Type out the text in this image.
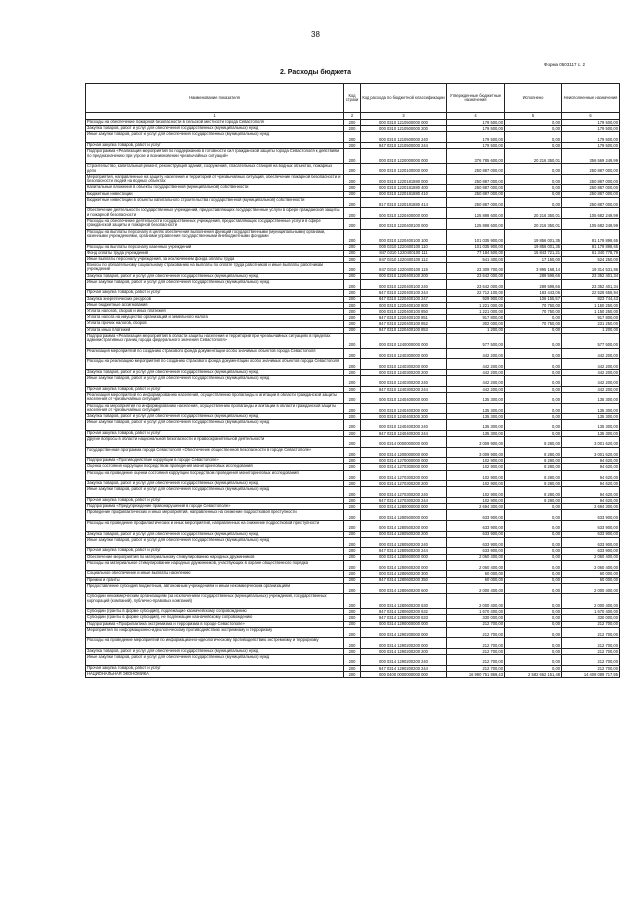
38
Форма 0503117 с. 2
2. Расходы бюджета
Наименование показателя	Код строки	Код расхода по бюджетной классификации	Утвержденные бюджетные назначения	Исполнено	Неисполненные назначения
1	2	3	4	5	6
Расходы на обеспечение пожарной безопасности в сельской местности города Севастополя	200	000 0310 1210500000 000	179 500,00	0,00	179 500,00
Закупка товаров, работ и услуг для обеспечения государственных (муниципальных) нужд	200	000 0310 1210500000 200	179 500,00	0,00	179 500,00
Иные закупки товаров, работ и услуг для обеспечения государственных (муниципальных) нужд	200	000 0310 1210500000 240	179 500,00	0,00	179 500,00
Прочая закупка товаров, работ и услуг	200	847 0310 1210500000 244	179 500,00	0,00	179 500,00
Подпрограмма «Реализация мероприятий по поддержанию в готовности сил гражданской защиты города Севастополя к действиям по предназначению при угрозе и возникновении чрезвычайных ситуаций»	200	000 0310 1220000000 000	376 785 600,00	20 216 350,01	356 569 249,99
Строительство, капитальный ремонт, реконструкция зданий, сооружений, спасательных станций на водных объектах, пожарных депо	200	000 0310 1220100000 000	250 887 000,00	0,00	250 887 000,00
Мероприятия, направленные на защиту населения и территорий от чрезвычайных ситуаций, обеспечение пожарной безопасности и безопасности людей на водных объектах	200	000 0310 1220181880 000	250 887 000,00	0,00	250 887 000,00
Капитальные вложения в объекты государственной (муниципальной) собственности	200	000 0310 1220181880 400	250 887 000,00	0,00	250 887 000,00
Бюджетные инвестиции	200	000 0310 1220181880 410	250 887 000,00	0,00	250 887 000,00
Бюджетные инвестиции в объекты капитального строительства государственной (муниципальной) собственности	200	817 0310 1220181880 414	250 887 000,00	0,00	250 887 000,00
Обеспечение деятельности государственных учреждений, предоставляющих государственные услуги в сфере гражданской защиты и пожарной безопасности	200	000 0310 1220400000 000	125 898 600,00	20 216 350,01	105 682 249,99
Расходы на обеспечение деятельности государственных учреждений, предоставляющих государственные услуги в сфере гражданской защиты и пожарной безопасности	200	000 0310 1220400100 000	125 898 600,00	20 216 350,01	105 682 249,99
Расходы на выплаты персоналу в целях обеспечения выполнения функций государственными (муниципальными) органами, казенными учреждениями, органами управления государственными внебюджетными фондами	200	000 0310 1220400100 100	101 035 900,00	19 856 001,35	81 179 898,65
Расходы на выплаты персоналу казенных учреждений	200	000 0310 1220400100 110	101 035 900,00	19 856 001,35	81 179 898,65
Фонд оплаты труда учреждений	200	847 0310 1220400100 111	77 184 500,00	15 843 721,21	61 340 778,79
Иные выплаты персоналу учреждений, за исключением фонда оплаты труда	200	847 0310 1220400100 112	541 400,00	17 150,00	524 250,00
Взносы по обязательному социальному страхованию на выплаты по оплате труда работников и иные выплаты работникам учреждений	200	847 0310 1220400100 119	23 309 700,00	3 995 168,14	19 314 531,86
Закупка товаров, работ и услуг для обеспечения государственных (муниципальных) нужд	200	000 0310 1220400100 200	23 642 000,00	289 598,66	23 352 401,34
Иные закупки товаров, работ и услуг для обеспечения государственных (муниципальных) нужд	200	000 0310 1220400100 240	23 642 000,00	289 598,66	23 352 401,34
Прочая закупка товаров, работ и услуг	200	847 0310 1220400100 244	22 712 100,00	183 443,06	22 528 656,94
Закупка энергетических ресурсов	200	847 0310 1220400100 247	929 900,00	106 155,57	823 744,43
Иные бюджетные ассигнования	200	000 0310 1220400100 800	1 221 000,00	70 750,00	1 150 250,00
Уплата налогов, сборов и иных платежей	200	000 0310 1220400100 850	1 221 000,00	70 750,00	1 150 250,00
Уплата налога на имущество организаций и земельного налога	200	847 0310 1220400100 851	917 800,00	0,00	917 800,00
Уплата прочих налогов, сборов	200	847 0310 1220400100 852	302 000,00	70 750,00	231 250,00
Уплата иных платежей	200	847 0310 1220400100 853	1 200,00	0,00	1 200,00
Подпрограмма «Реализация мероприятий в области защиты населения и территорий при чрезвычайных ситуациях в пределах административных границ города федерального значения Севастополя»	200	000 0310 1240000000 000	577 500,00	0,00	577 500,00
Реализация мероприятий по созданию страхового фонда документации особо значимых объектов города Севастополя	200	000 0310 1240300000 000	442 200,00	0,00	442 200,00
Расходы на реализацию мероприятий по созданию страхового фонда документации особо значимых объектов города Севастополя	200	000 0310 1240300200 000	442 200,00	0,00	442 200,00
Закупка товаров, работ и услуг для обеспечения государственных (муниципальных) нужд	200	000 0310 1240300200 200	442 200,00	0,00	442 200,00
Иные закупки товаров, работ и услуг для обеспечения государственных (муниципальных) нужд	200	000 0310 1240300200 240	442 200,00	0,00	442 200,00
Прочая закупка товаров, работ и услуг	200	847 0310 1240300200 244	442 200,00	0,00	442 200,00
Реализация мероприятий по информированию населения, осуществлению пропаганды и агитации в области гражданской защиты населения от чрезвычайных ситуаций	200	000 0310 1240400000 000	135 300,00	0,00	135 300,00
Расходы на мероприятия по информированию населения, осуществлению пропаганды и агитации в области гражданской защиты населения от чрезвычайных ситуаций	200	000 0310 1240400300 000	135 300,00	0,00	135 300,00
Закупка товаров, работ и услуг для обеспечения государственных (муниципальных) нужд	200	000 0310 1240400300 200	135 300,00	0,00	135 300,00
Иные закупки товаров, работ и услуг для обеспечения государственных (муниципальных) нужд	200	000 0310 1240400300 240	135 300,00	0,00	135 300,00
Прочая закупка товаров, работ и услуг	200	847 0310 1240400300 244	135 300,00	0,00	135 300,00
Другие вопросы в области национальной безопасности и правоохранительной деятельности	200	000 0314 0000000000 000	3 009 900,00	8 280,00	3 001 620,00
Государственная программа города Севастополя «Обеспечение общественной безопасности в городе Севастополе»	200	000 0314 1200000000 000	3 009 900,00	8 280,00	3 001 620,00
Подпрограмма «Противодействие коррупции в городе Севастополе»	200	000 0314 1270000000 000	102 900,00	8 280,00	94 620,00
Оценка состояния коррупции посредством проведения мониторинговых исследований	200	000 0314 1270300000 000	102 900,00	8 280,00	94 620,00
Расходы на проведение оценки состояния коррупции посредством проведения мониторинговых исследований	200	000 0314 1270300200 000	102 900,00	8 280,00	94 620,00
Закупка товаров, работ и услуг для обеспечения государственных (муниципальных) нужд	200	000 0314 1270300200 200	102 900,00	8 280,00	94 620,00
Иные закупки товаров, работ и услуг для обеспечения государственных (муниципальных) нужд	200	000 0314 1270300200 240	102 900,00	8 280,00	94 620,00
Прочая закупка товаров, работ и услуг	200	847 0314 1270300200 244	102 900,00	8 280,00	94 620,00
Подпрограмма «Предупреждение правонарушений в городе Севастополе»	200	000 0314 1280000000 000	2 694 300,00	0,00	2 694 300,00
Проведение профилактических и иных мероприятий, направленных на снижение подростковой преступности	200	000 0314 1280500000 000	633 900,00	0,00	633 900,00
Расходы на проведение профилактических и иных мероприятий, направленных на снижение подростковой преступности	200	000 0314 1280500200 000	633 900,00	0,00	633 900,00
Закупка товаров, работ и услуг для обеспечения государственных (муниципальных) нужд	200	000 0314 1280500200 200	633 900,00	0,00	633 900,00
Иные закупки товаров, работ и услуг для обеспечения государственных (муниципальных) нужд	200	000 0314 1280500200 240	633 900,00	0,00	633 900,00
Прочая закупка товаров, работ и услуг	200	847 0314 1280500200 244	633 900,00	0,00	633 900,00
Обеспечение мероприятий по материальному стимулированию народных дружинников	200	000 0314 1280600000 000	2 060 400,00	0,00	2 060 400,00
Расходы на материальное стимулирование народных дружинников, участвующих в охране общественного порядка	200	000 0314 1280600200 000	2 060 400,00	0,00	2 060 400,00
Социальное обеспечение и иные выплаты населению	200	000 0314 1280600200 300	60 000,00	0,00	60 000,00
Премии и гранты	200	847 0314 1280600200 350	60 000,00	0,00	60 000,00
Предоставление субсидий бюджетным, автономным учреждениям и иным некоммерческим организациям	200	000 0314 1280600200 600	2 000 400,00	0,00	2 000 400,00
Субсидии некоммерческим организациям (за исключением государственных (муниципальных) учреждений, государственных корпораций (компаний), публично-правовых компаний)	200	000 0314 1280600200 630	2 000 400,00	0,00	2 000 400,00
Субсидии (гранты в форме субсидий), подлежащие казначейскому сопровождению	200	847 0314 1280600200 632	1 670 400,00	0,00	1 670 400,00
Субсидии (гранты в форме субсидий), не подлежащие казначейскому сопровождению	200	847 0314 1280600200 633	330 000,00	0,00	330 000,00
Подпрограмма «Профилактика экстремизма и терроризма в городе Севастополе»	200	000 0314 1290000000 000	212 700,00	0,00	212 700,00
Мероприятия по информационно-идеологическому противодействию экстремизму и терроризму	200	000 0314 1290200000 000	212 700,00	0,00	212 700,00
Расходы на проведение мероприятий по информационно-идеологическому противодействию экстремизму и терроризму	200	000 0314 1290200200 000	212 700,00	0,00	212 700,00
Закупка товаров, работ и услуг для обеспечения государственных (муниципальных) нужд	200	000 0314 1290200200 200	212 700,00	0,00	212 700,00
Иные закупки товаров, работ и услуг для обеспечения государственных (муниципальных) нужд	200	000 0314 1290200200 240	212 700,00	0,00	212 700,00
Прочая закупка товаров, работ и услуг	200	847 0314 1290200200 244	212 700,00	0,00	212 700,00
НАЦИОНАЛЬНАЯ ЭКОНОМИКА	200	000 0400 0000000000 000	16 990 751 869,43	2 582 662 151,48	14 408 089 717,95
